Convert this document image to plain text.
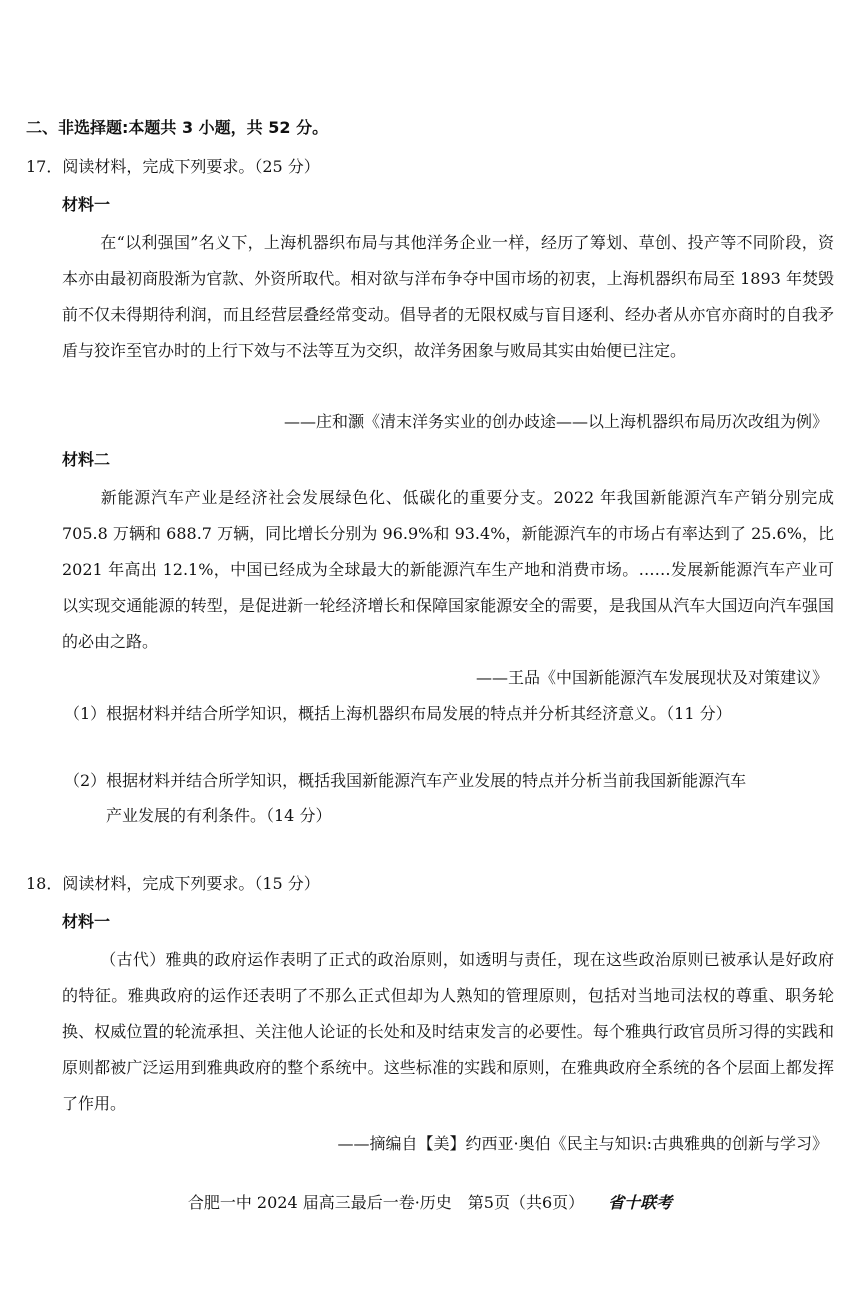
二、非选择题:本题共 3 小题，共 52 分。
17．阅读材料，完成下列要求。（25 分）
材料一
在“以利强国”名义下，上海机器织布局与其他洋务企业一样，经历了筹划、草创、投产等不同阶段，资本亦由最初商股渐为官款、外资所取代。相对欲与洋布争夺中国市场的初衷，上海机器织布局至 1893 年焚毁前不仅未得期待利润，而且经营层叠经常变动。倡导者的无限权威与盲目逐利、经办者从亦官亦商时的自我矛盾与狡诈至官办时的上行下效与不法等互为交织，故洋务困象与败局其实由始便已注定。
——庄和灏《清末洋务实业的创办歧途——以上海机器织布局历次改组为例》
材料二
新能源汽车产业是经济社会发展绿色化、低碳化的重要分支。2022 年我国新能源汽车产销分别完成 705.8 万辆和 688.7 万辆，同比增长分别为 96.9%和 93.4%，新能源汽车的市场占有率达到了 25.6%，比 2021 年高出 12.1%，中国已经成为全球最大的新能源汽车生产地和消费市场。……发展新能源汽车产业可以实现交通能源的转型，是促进新一轮经济增长和保障国家能源安全的需要，是我国从汽车大国迈向汽车强国的必由之路。
——王品《中国新能源汽车发展现状及对策建议》
（1）根据材料并结合所学知识，概括上海机器织布局发展的特点并分析其经济意义。（11 分）
（2）根据材料并结合所学知识，概括我国新能源汽车产业发展的特点并分析当前我国新能源汽车
产业发展的有利条件。（14 分）
18．阅读材料，完成下列要求。（15 分）
材料一
（古代）雅典的政府运作表明了正式的政治原则，如透明与责任，现在这些政治原则已被承认是好政府的特征。雅典政府的运作还表明了不那么正式但却为人熟知的管理原则，包括对当地司法权的尊重、职务轮换、权威位置的轮流承担、关注他人论证的长处和及时结束发言的必要性。每个雅典行政官员所习得的实践和原则都被广泛运用到雅典政府的整个系统中。这些标准的实践和原则，在雅典政府全系统的各个层面上都发挥了作用。
——摘编自【美】约西亚·奥伯《民主与知识:古典雅典的创新与学习》
合肥一中 2024 届高三最后一卷·历史　第5页（共6页） 省十联考
